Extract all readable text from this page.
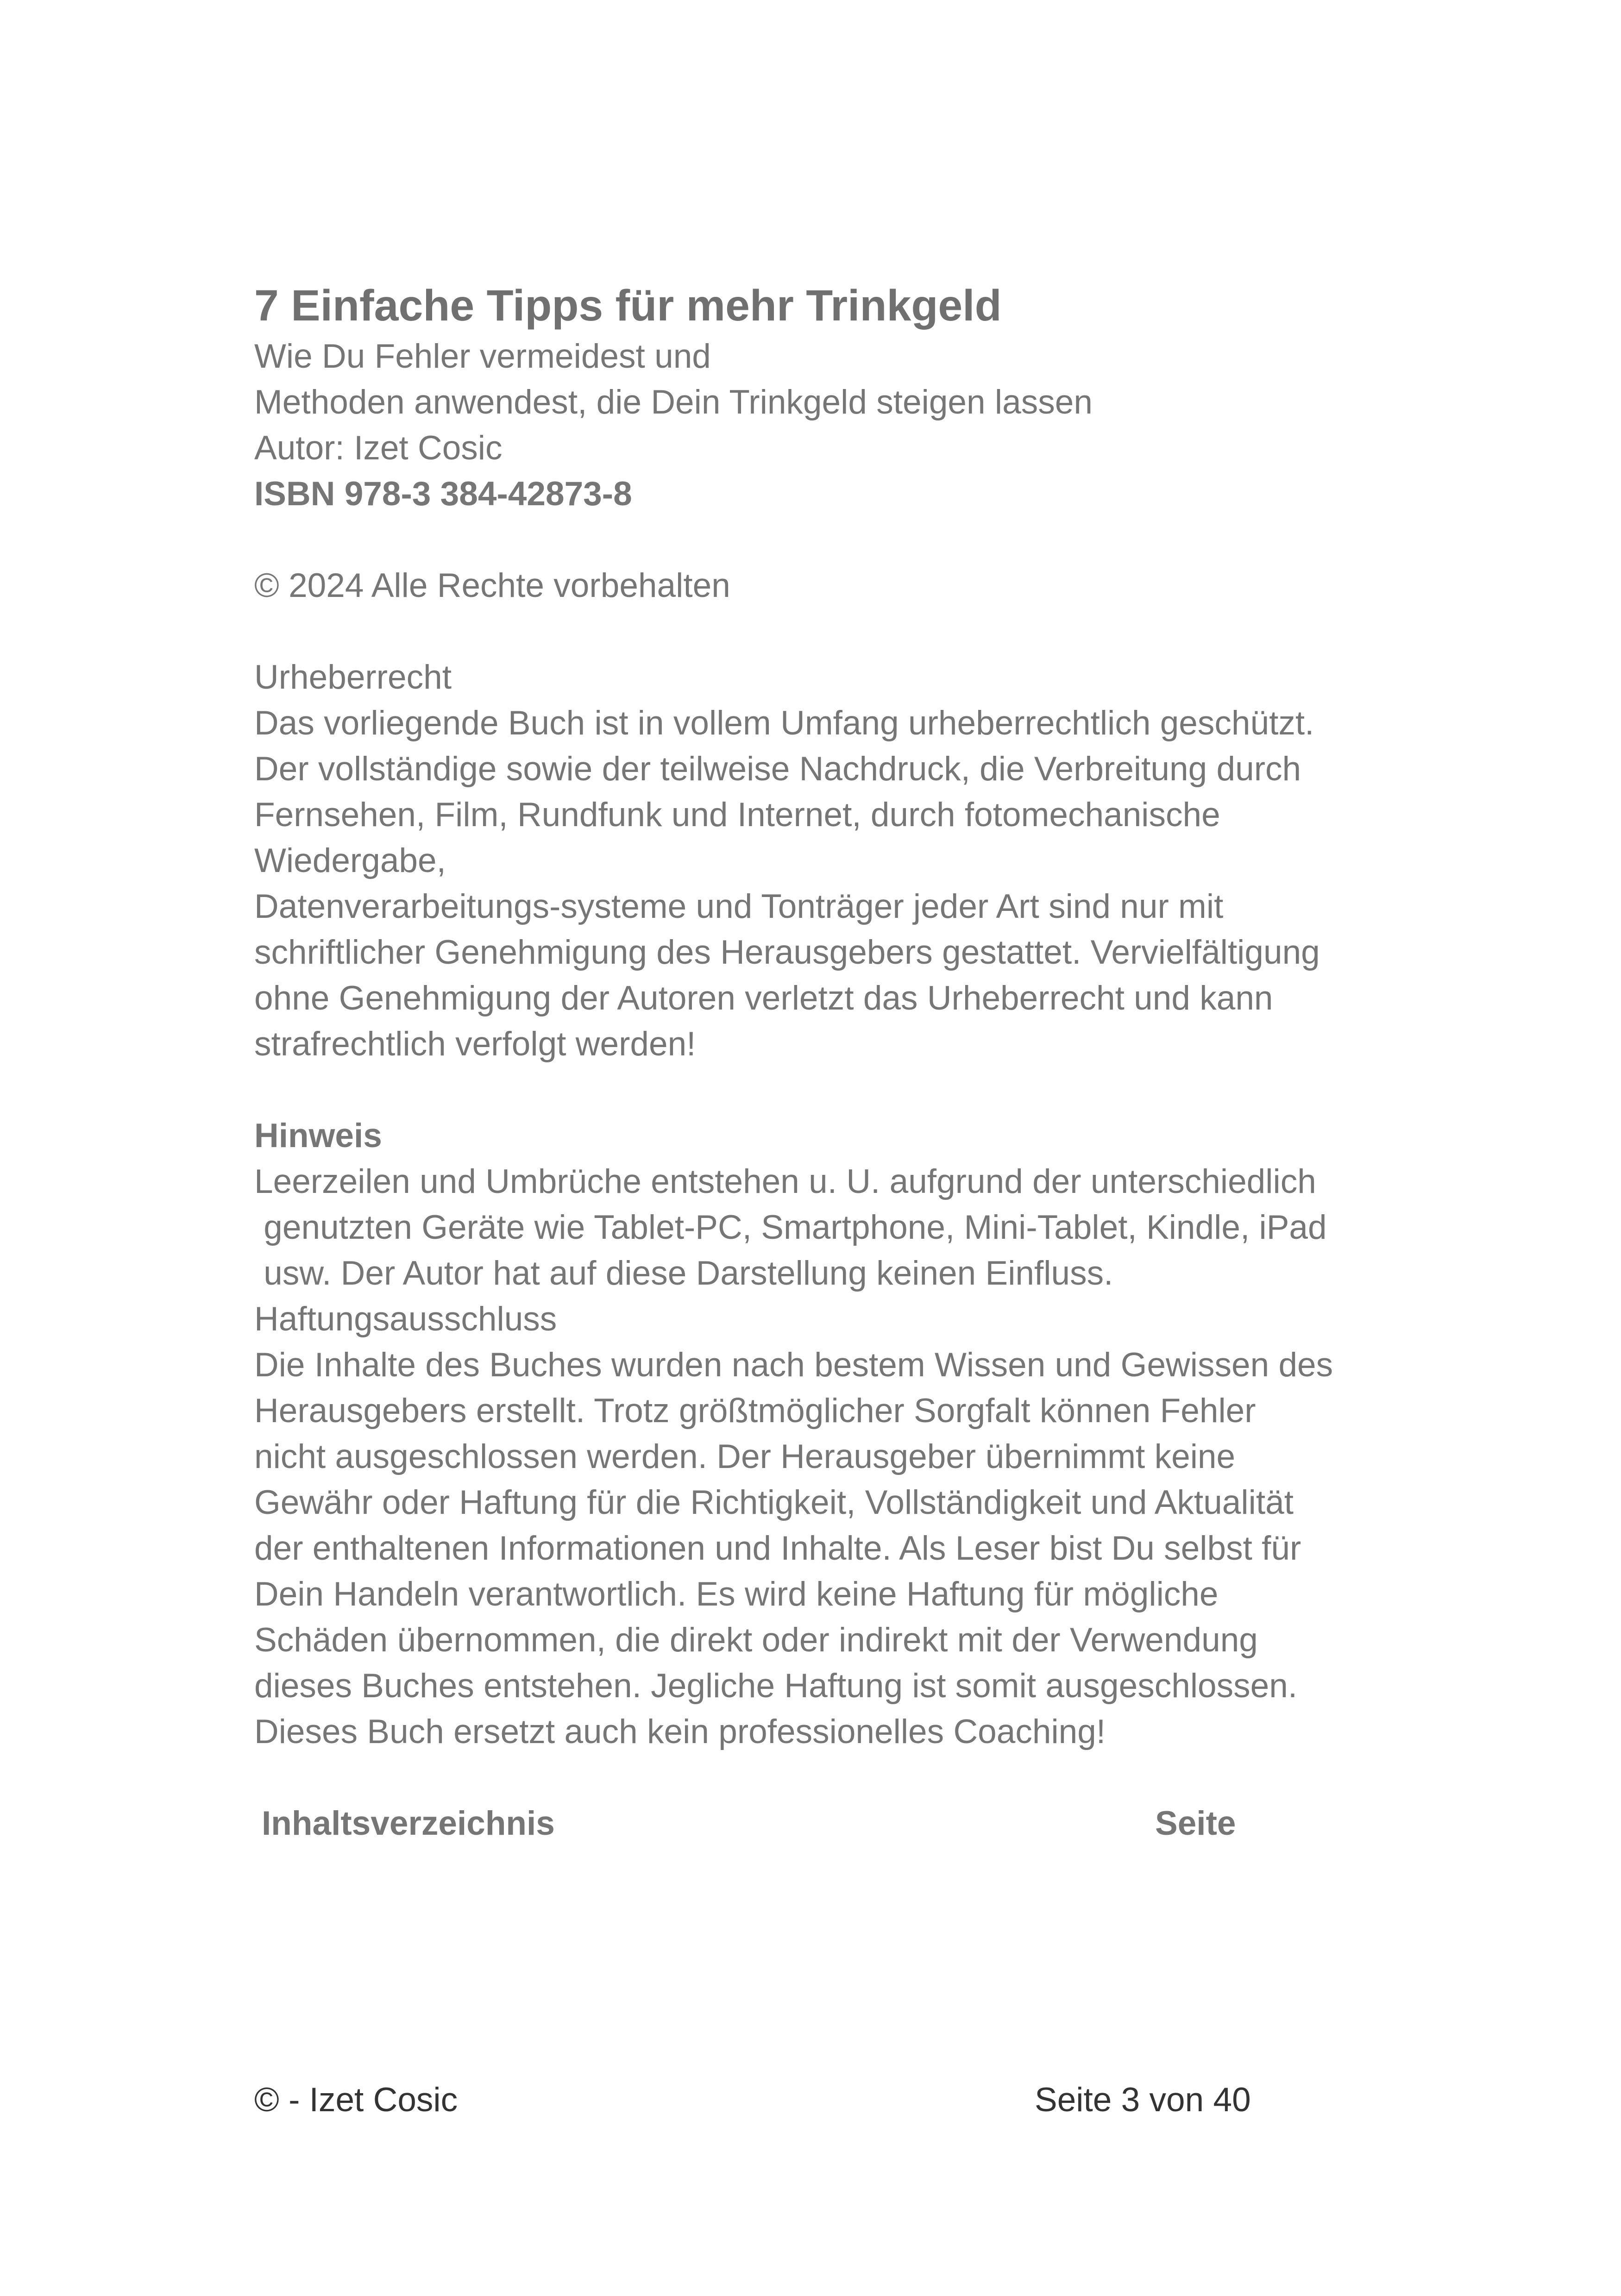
7 Einfache Tipps für mehr Trinkgeld

Wie Du Fehler vermeidest und

Methoden anwendest, die Dein Trinkgeld steigen lassen

Autor: Izet Cosic

ISBN 978-3 384-42873-8

© 2024 Alle Rechte vorbehalten

Urheberrecht

Das vorliegende Buch ist in vollem Umfang urheberrechtlich geschützt.

Der vollständige sowie der teilweise Nachdruck, die Verbreitung durch

Fernsehen, Film, Rundfunk und Internet, durch fotomechanische

Wiedergabe,

Datenverarbeitungs-systeme und Tonträger jeder Art sind nur mit

schriftlicher Genehmigung des Herausgebers gestattet. Vervielfältigung

ohne Genehmigung der Autoren verletzt das Urheberrecht und kann

strafrechtlich verfolgt werden!

Hinweis

Leerzeilen und Umbrüche entstehen u. U. aufgrund der unterschiedlich

genutzten Geräte wie Tablet-PC, Smartphone, Mini-Tablet, Kindle, iPad

usw. Der Autor hat auf diese Darstellung keinen Einfluss.

Haftungsausschluss

Die Inhalte des Buches wurden nach bestem Wissen und Gewissen des

Herausgebers erstellt. Trotz größtmöglicher Sorgfalt können Fehler

nicht ausgeschlossen werden. Der Herausgeber übernimmt keine

Gewähr oder Haftung für die Richtigkeit, Vollständigkeit und Aktualität

der enthaltenen Informationen und Inhalte. Als Leser bist Du selbst für

Dein Handeln verantwortlich. Es wird keine Haftung für mögliche

Schäden übernommen, die direkt oder indirekt mit der Verwendung

dieses Buches entstehen. Jegliche Haftung ist somit ausgeschlossen.

Dieses Buch ersetzt auch kein professionelles Coaching!

Inhaltsverzeichnis	Seite
© - Izet Cosic	Seite 3 von 40
